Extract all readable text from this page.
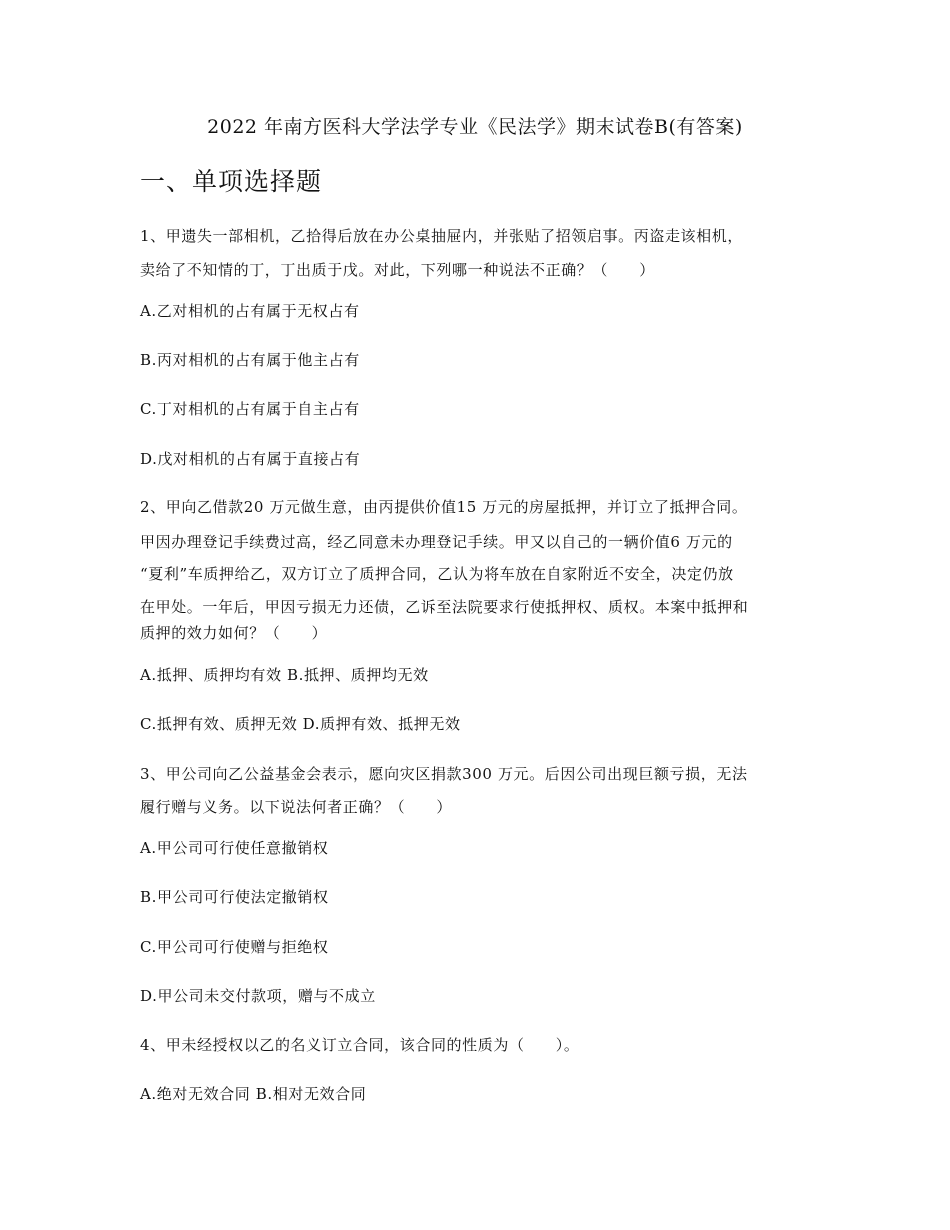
2022 年南方医科大学法学专业《民法学》期末试卷B(有答案)
一、单项选择题
1、甲遗失一部相机，乙拾得后放在办公桌抽屉内，并张贴了招领启事。丙盗走该相机，
卖给了不知情的丁，丁出质于戊。对此，下列哪一种说法不正确？（　　）
A.乙对相机的占有属于无权占有
B.丙对相机的占有属于他主占有
C.丁对相机的占有属于自主占有
D.戊对相机的占有属于直接占有
2、甲向乙借款20 万元做生意，由丙提供价值15 万元的房屋抵押，并订立了抵押合同。
甲因办理登记手续费过高，经乙同意未办理登记手续。甲又以自己的一辆价值6 万元的
“夏利”车质押给乙，双方订立了质押合同，乙认为将车放在自家附近不安全，决定仍放
在甲处。一年后，甲因亏损无力还债，乙诉至法院要求行使抵押权、质权。本案中抵押和
质押的效力如何？（　　）
A.抵押、质押均有效 B.抵押、质押均无效
C.抵押有效、质押无效 D.质押有效、抵押无效
3、甲公司向乙公益基金会表示，愿向灾区捐款300 万元。后因公司出现巨额亏损，无法
履行赠与义务。以下说法何者正确？（　　）
A.甲公司可行使任意撤销权
B.甲公司可行使法定撤销权
C.甲公司可行使赠与拒绝权
D.甲公司未交付款项，赠与不成立
4、甲未经授权以乙的名义订立合同，该合同的性质为（　　）。
A.绝对无效合同 B.相对无效合同
